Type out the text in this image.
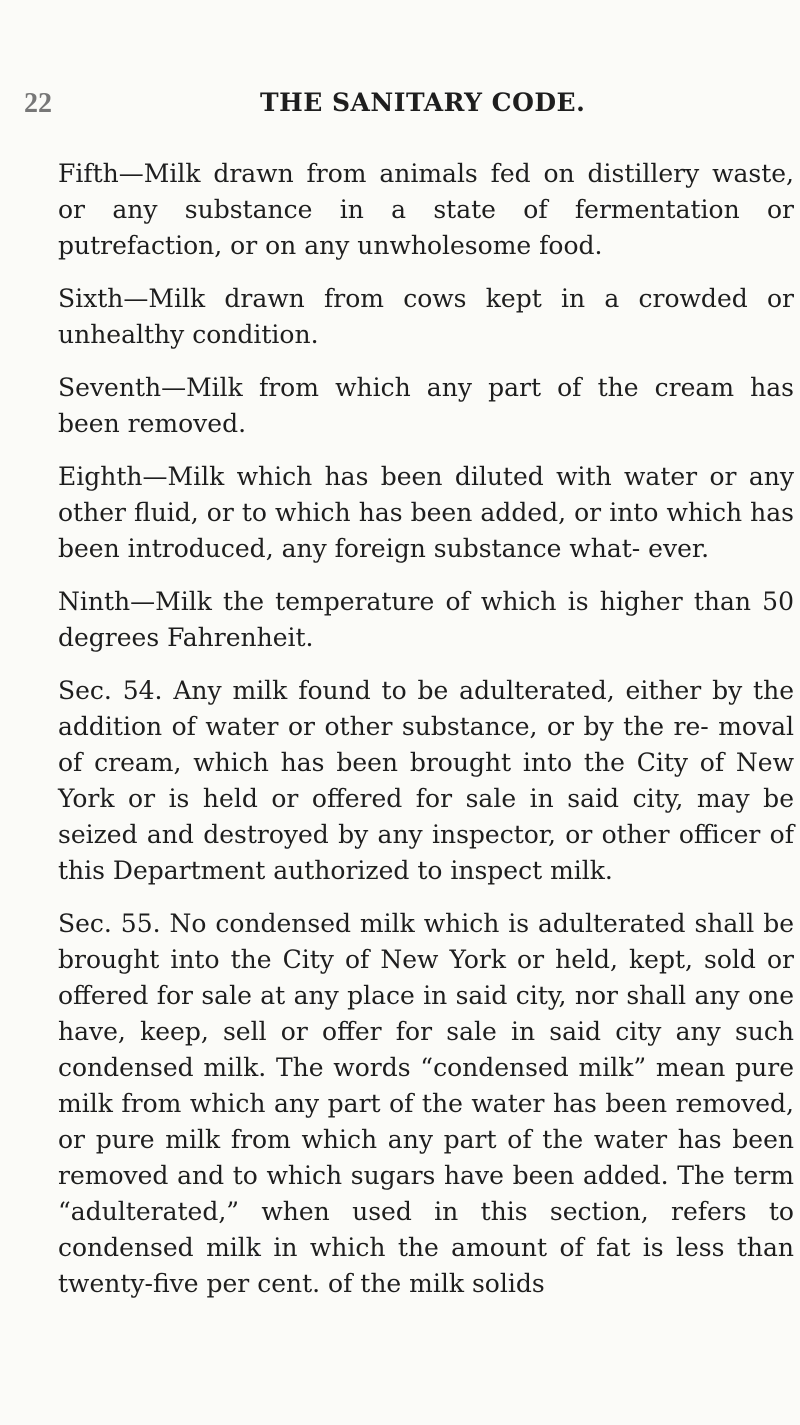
22	THE SANITARY CODE.

Fifth—Milk drawn from animals fed on distillery waste, or any substance in a state of fermentation or putrefaction, or on any unwholesome food.

Sixth—Milk drawn from cows kept in a crowded or unhealthy condition.

Seventh—Milk from which any part of the cream has been removed.

Eighth—Milk which has been diluted with water or any other fluid, or to which has been added, or into which has been introduced, any foreign substance what- ever.

Ninth—Milk the temperature of which is higher than 50 degrees Fahrenheit.

Sec. 54. Any milk found to be adulterated, either by the addition of water or other substance, or by the re- moval of cream, which has been brought into the City of New York or is held or offered for sale in said city, may be seized and destroyed by any inspector, or other officer of this Department authorized to inspect milk.

Sec. 55. No condensed milk which is adulterated shall be brought into the City of New York or held, kept, sold or offered for sale at any place in said city, nor shall any one have, keep, sell or offer for sale in said city any such condensed milk. The words “condensed milk” mean pure milk from which any part of the water has been removed, or pure milk from which any part of the water has been removed and to which sugars have been added. The term “adulterated,” when used in this section, refers to condensed milk in which the amount of fat is less than twenty-five per cent. of the milk solids
